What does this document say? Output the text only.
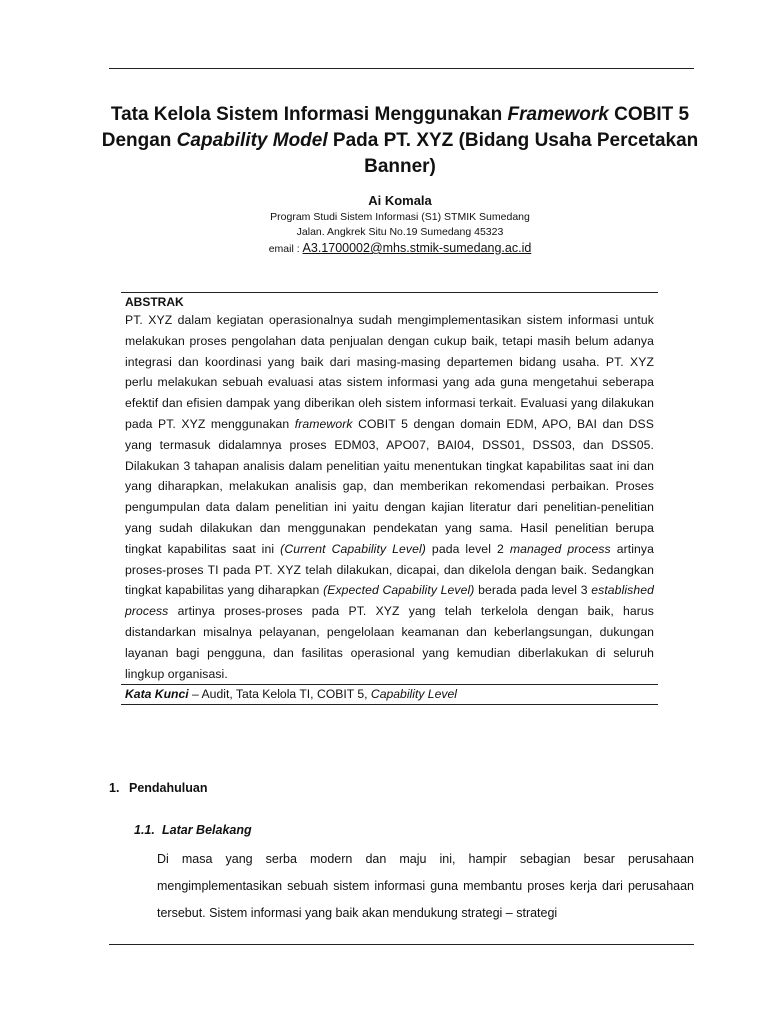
Tata Kelola Sistem Informasi Menggunakan Framework COBIT 5
Dengan Capability Model Pada PT. XYZ (Bidang Usaha Percetakan
Banner)
Ai Komala
Program Studi Sistem Informasi (S1) STMIK Sumedang
Jalan. Angkrek Situ No.19 Sumedang 45323
email : A3.1700002@mhs.stmik-sumedang.ac.id
ABSTRAK
PT. XYZ dalam kegiatan operasionalnya sudah mengimplementasikan sistem informasi untuk melakukan proses pengolahan data penjualan dengan cukup baik, tetapi masih belum adanya integrasi dan koordinasi yang baik dari masing-masing departemen bidang usaha. PT. XYZ perlu melakukan sebuah evaluasi atas sistem informasi yang ada guna mengetahui seberapa efektif dan efisien dampak yang diberikan oleh sistem informasi terkait. Evaluasi yang dilakukan pada PT. XYZ menggunakan framework COBIT 5 dengan domain EDM, APO, BAI dan DSS yang termasuk didalamnya proses EDM03, APO07, BAI04, DSS01, DSS03, dan DSS05. Dilakukan 3 tahapan analisis dalam penelitian yaitu menentukan tingkat kapabilitas saat ini dan yang diharapkan, melakukan analisis gap, dan memberikan rekomendasi perbaikan. Proses pengumpulan data dalam penelitian ini yaitu dengan kajian literatur dari penelitian-penelitian yang sudah dilakukan dan menggunakan pendekatan yang sama. Hasil penelitian berupa tingkat kapabilitas saat ini (Current Capability Level) pada level 2 managed process artinya proses-proses TI pada PT. XYZ telah dilakukan, dicapai, dan dikelola dengan baik. Sedangkan tingkat kapabilitas yang diharapkan (Expected Capability Level) berada pada level 3 established process artinya proses-proses pada PT. XYZ yang telah terkelola dengan baik, harus distandarkan misalnya pelayanan, pengelolaan keamanan dan keberlangsungan, dukungan layanan bagi pengguna, dan fasilitas operasional yang kemudian diberlakukan di seluruh lingkup organisasi.
Kata Kunci – Audit, Tata Kelola TI, COBIT 5, Capability Level
1. Pendahuluan
1.1. Latar Belakang
Di masa yang serba modern dan maju ini, hampir sebagian besar perusahaan mengimplementasikan sebuah sistem informasi guna membantu proses kerja dari perusahaan tersebut. Sistem informasi yang baik akan mendukung strategi – strategi
